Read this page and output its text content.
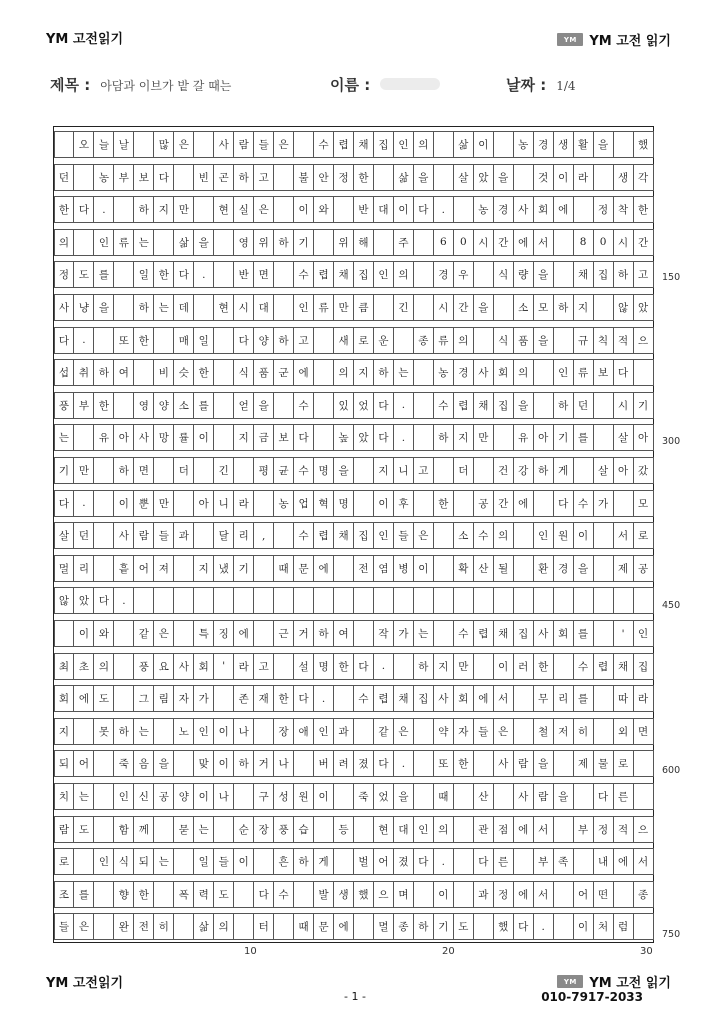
YM 고전읽기	YM YM 고전 읽기
제목 : 아담과 이브가 밭 갈 때는	이름 :	날짜 : 1/4
오 늘 날	많 은	사 람 들 은	수 렵 채 집 인 의	삶 이	농 경 생 활 을	했
던	농 부 보 다	빈 곤 하 고	불 안 정 한	삶 을	살 았 을	것 이 라	생 각
한 다	.	하 지 만	현 실 은	이 와	반 대 이 다	.	농 경 사 회 에	정 착 한
의	인 류 는	삶 을	영 위 하 기	위 해	주	6	0	시 간 에 서	8	0	시 간
정 도 를	일 한 다	.	반 면	수 렵 채 집 인 의	경 우	식 량 을	채 집 하 고
사 냥 을	하 는 데	현 시 대	인 류 만 큼	긴	시 간 을	소 모 하 지	않 았
다	.	또 한	매 일	다 양 하 고	새 로 운	종 류 의	식 품 을	규 칙 적 으
섭 취 하 여	비 슷 한	식 품 군 에	의 지 하 는	농 경 사 회 의	인 류 보 다
풍 부 한	영 양 소 를	얻 을	수	있 었 다	.	수 렵 채 집 을	하 던	시 기
는	유 아 사 망 률 이	지 금 보 다	높 았 다	.	하 지 만	유 아 기 를	살 아
기 만	하 면	더	긴	평 균 수 명 을	지 니 고	더	건 강 하 게	살 아 갔
다	.	이 뿐 만	아 니 라	농 업 혁 명	이 후	한	공 간 에	다 수 가	모
살 던	사 람 들 과	달 리	,	수 렵 채 집 인 들 은	소 수 의	인 원 이	서 로
멀 리	흩 어 져	지 냈 기	때 문 에	전 염 병 이	확 산 될	환 경 을	제 공
않 았 다	.
이 와	같 은	특 징 에	근 거 하 여	작 가 는	수 렵 채 집 사 회 를	'	인
최 초 의	풍 요 사 회	'	라 고	설 명 한 다	.	하 지 만	이 러 한	수 렵 채 집
회 에 도	그 림 자 가	존 재 한 다	.	수 렵 채 집 사 회 에 서	무 리 를	따 라
지	못 하 는	노 인 이 나	장 애 인 과	같 은	약 자 들 은	철 저 히	외 면
되 어	죽 음 을	맞 이 하 거 나	버 려 졌 다	.	또 한	사 람 을	제 물 로
치 는	인 신 공 양 이 나	구 성 원 이	죽 었 을	때	산	사 람 을	다 른
람 도	함 께	묻 는	순 장 풍 습	등	현 대 인 의	관 점 에 서	부 정 적 으
로	인 식 되 는	일 들 이	흔 하 게	벌 어 졌 다	.	다 른	부 족	내 에 서
조 를	향 한	폭 력 도	다 수	발 생 했 으 며	이	과 정 에 서	어 떤	종
들 은	완 전 히	삶 의	터	때 문 에	멸 종 하 기 도	했 다	.	이 처 럼
150
300
450
600
750
10	20	30
YM 고전읽기	YM YM 고전 읽기
- 1 -	010-7917-2033
